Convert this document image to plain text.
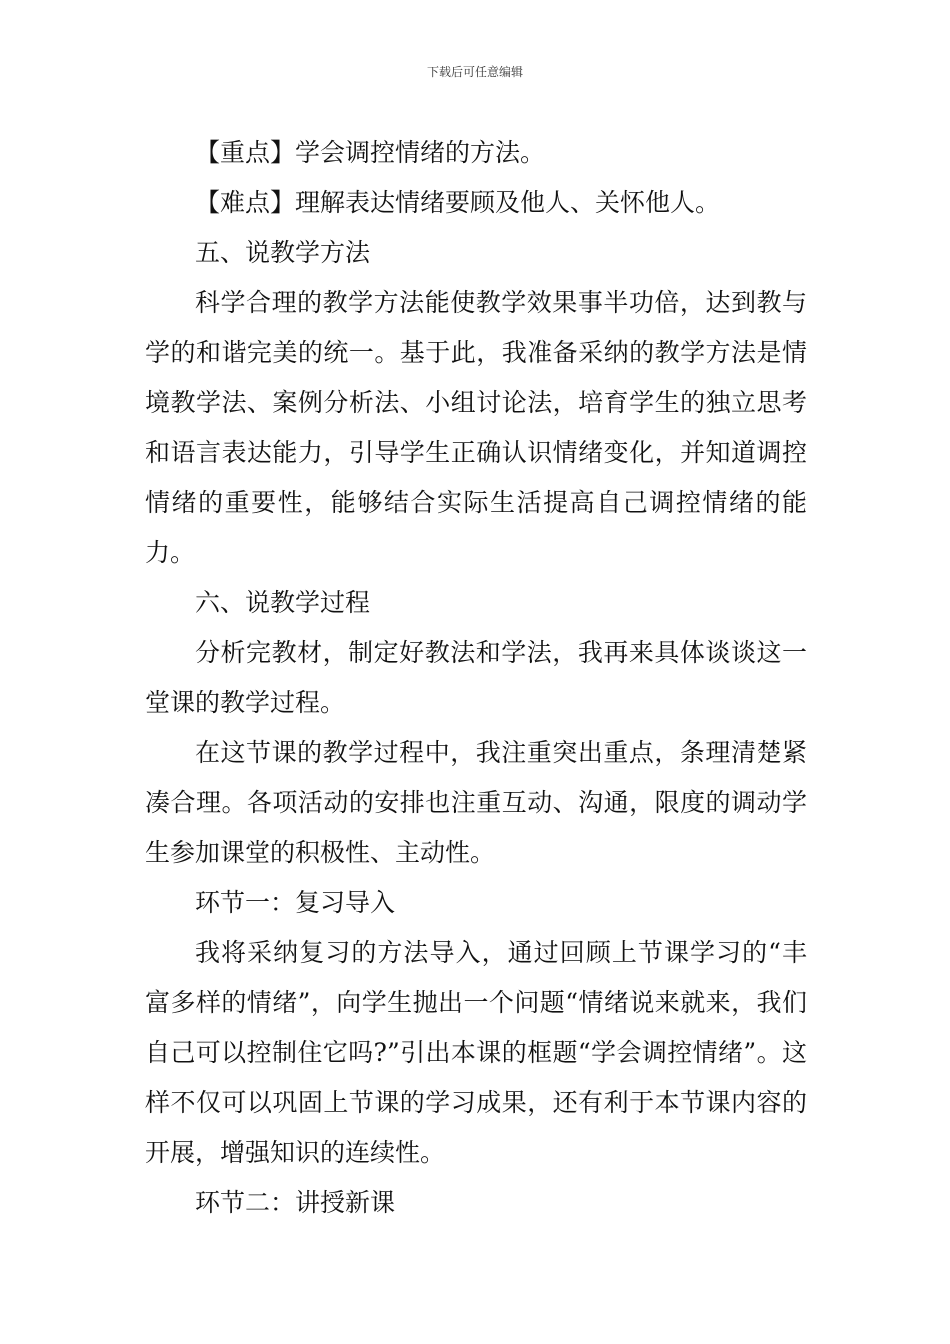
下载后可任意编辑

【重点】学会调控情绪的方法。

【难点】理解表达情绪要顾及他人、关怀他人。

五、说教学方法

科学合理的教学方法能使教学效果事半功倍，达到教与学的和谐完美的统一。基于此，我准备采纳的教学方法是情境教学法、案例分析法、小组讨论法，培育学生的独立思考和语言表达能力，引导学生正确认识情绪变化，并知道调控情绪的重要性，能够结合实际生活提高自己调控情绪的能力。

六、说教学过程

分析完教材，制定好教法和学法，我再来具体谈谈这一堂课的教学过程。

在这节课的教学过程中，我注重突出重点，条理清楚紧凑合理。各项活动的安排也注重互动、沟通，限度的调动学生参加课堂的积极性、主动性。

环节一：复习导入

我将采纳复习的方法导入，通过回顾上节课学习的“丰富多样的情绪”，向学生抛出一个问题“情绪说来就来，我们自己可以控制住它吗?”引出本课的框题“学会调控情绪”。这样不仅可以巩固上节课的学习成果，还有利于本节课内容的开展，增强知识的连续性。

环节二：讲授新课
